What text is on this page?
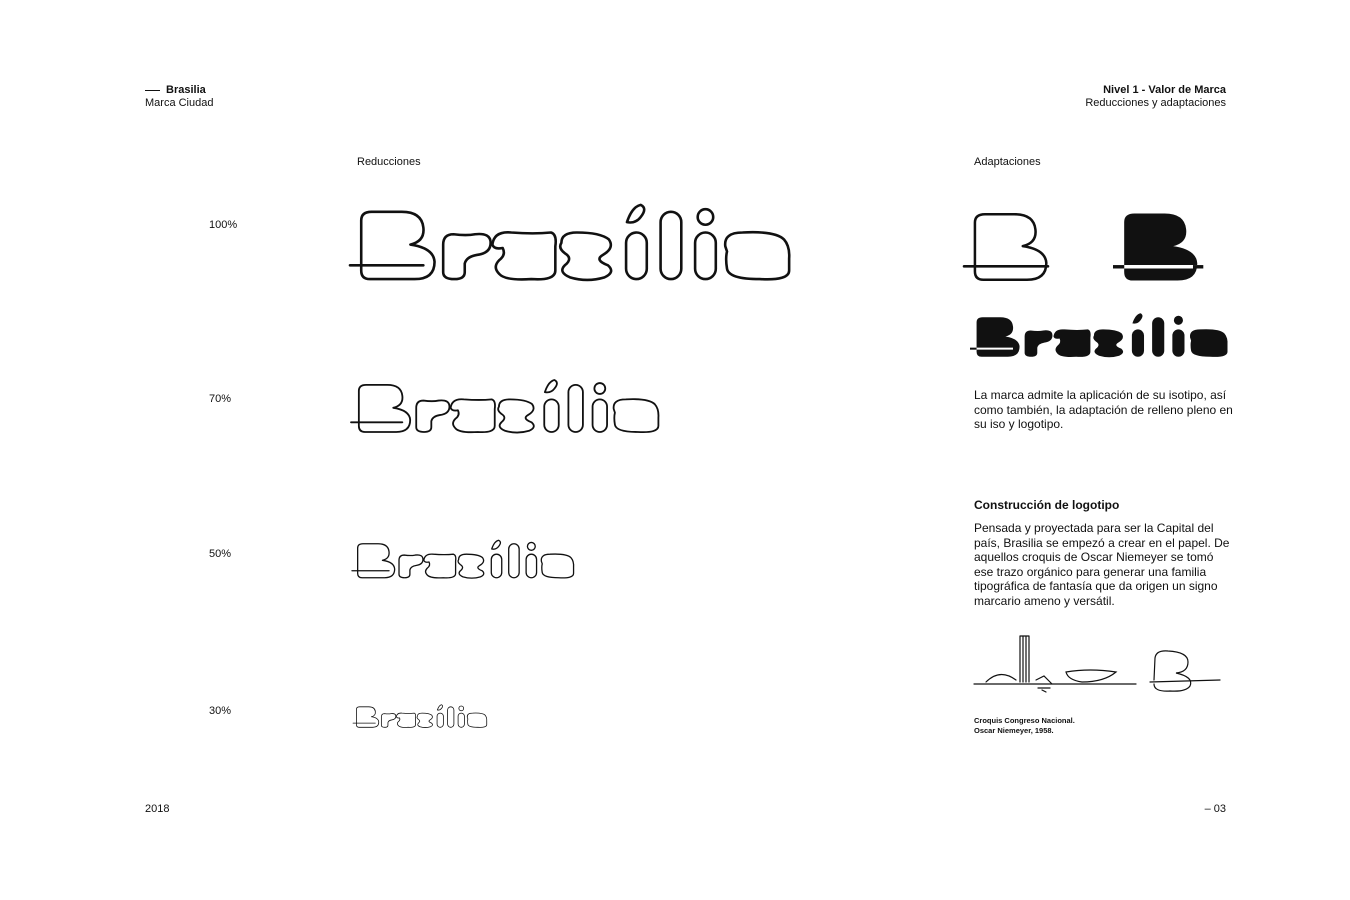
Brasilia
Marca Ciudad
Nivel 1 - Valor de Marca
Reducciones y adaptaciones
Reducciones	Adaptaciones
100%
70%
50%
30%
La marca admite la aplicación de su isotipo, así como también, la adaptación de relleno pleno en su iso y logotipo.
Construcción de logotipo
Pensada y proyectada para ser la Capital del país, Brasilia se empezó a crear en el papel. De aquellos croquis de Oscar Niemeyer se tomó ese trazo orgánico para generar una familia tipográfica de fantasía que da origen un signo marcario ameno y versátil.
Croquis Congreso Nacional.
Oscar Niemeyer, 1958.
2018	– 03
